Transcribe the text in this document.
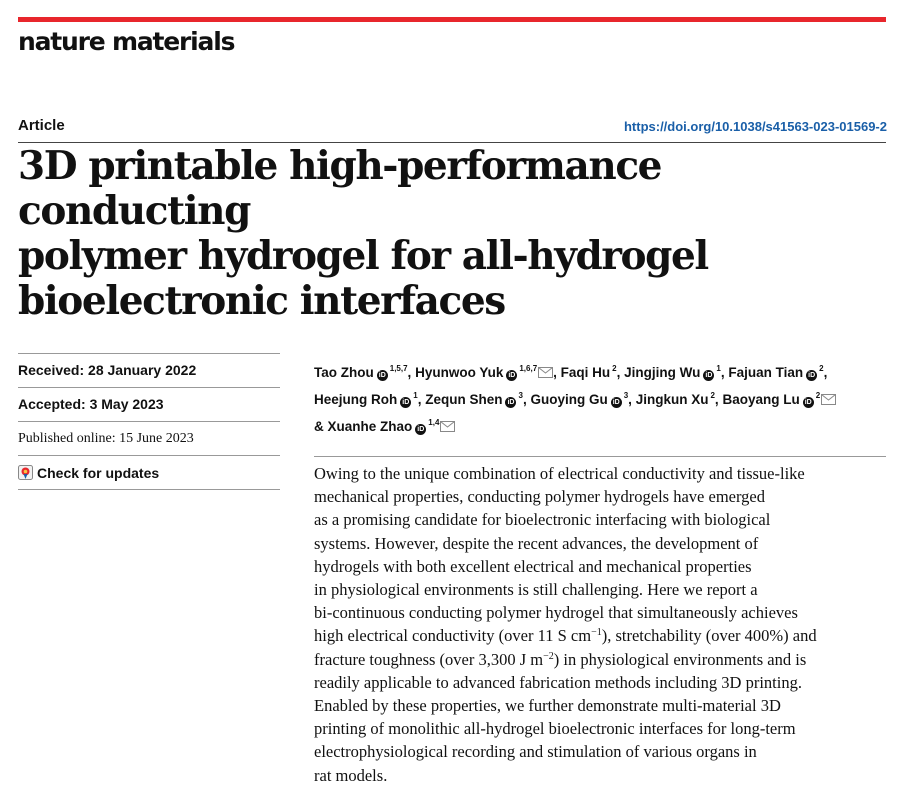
nature materials
Article	https://doi.org/10.1038/s41563-023-01569-2
3D printable high-performance conducting
polymer hydrogel for all-hydrogel
bioelectronic interfaces
Received: 28 January 2022
Accepted: 3 May 2023
Published online: 15 June 2023
Check for updates
Tao Zhou iD$^{1,5,7}$, Hyunwoo Yuk iD$^{1,6,7}$ , Faqi Hu $^2$, Jingjing Wu iD$^1$, Fajuan Tian iD$^2$,
Heejung Roh iD$^1$, Zequn Shen iD$^3$, Guoying Gu iD$^3$, Jingkun Xu $^2$, Baoyang Lu iD$^2$
& Xuanhe Zhao iD$^{1,4}$

Owing to the unique combination of electrical conductivity and tissue-like
mechanical properties, conducting polymer hydrogels have emerged
as a promising candidate for bioelectronic interfacing with biological
systems. However, despite the recent advances, the development of
hydrogels with both excellent electrical and mechanical properties
in physiological environments is still challenging. Here we report a
bi-continuous conducting polymer hydrogel that simultaneously achieves
high electrical conductivity (over 11 S $cm^{-1}$), stretchability (over 400%) and
fracture toughness (over 3,300 J $m^{-2}$) in physiological environments and is
readily applicable to advanced fabrication methods including 3D printing.
Enabled by these properties, we further demonstrate multi-material 3D
printing of monolithic all-hydrogel bioelectronic interfaces for long-term
electrophysiological recording and stimulation of various organs in
rat models.
